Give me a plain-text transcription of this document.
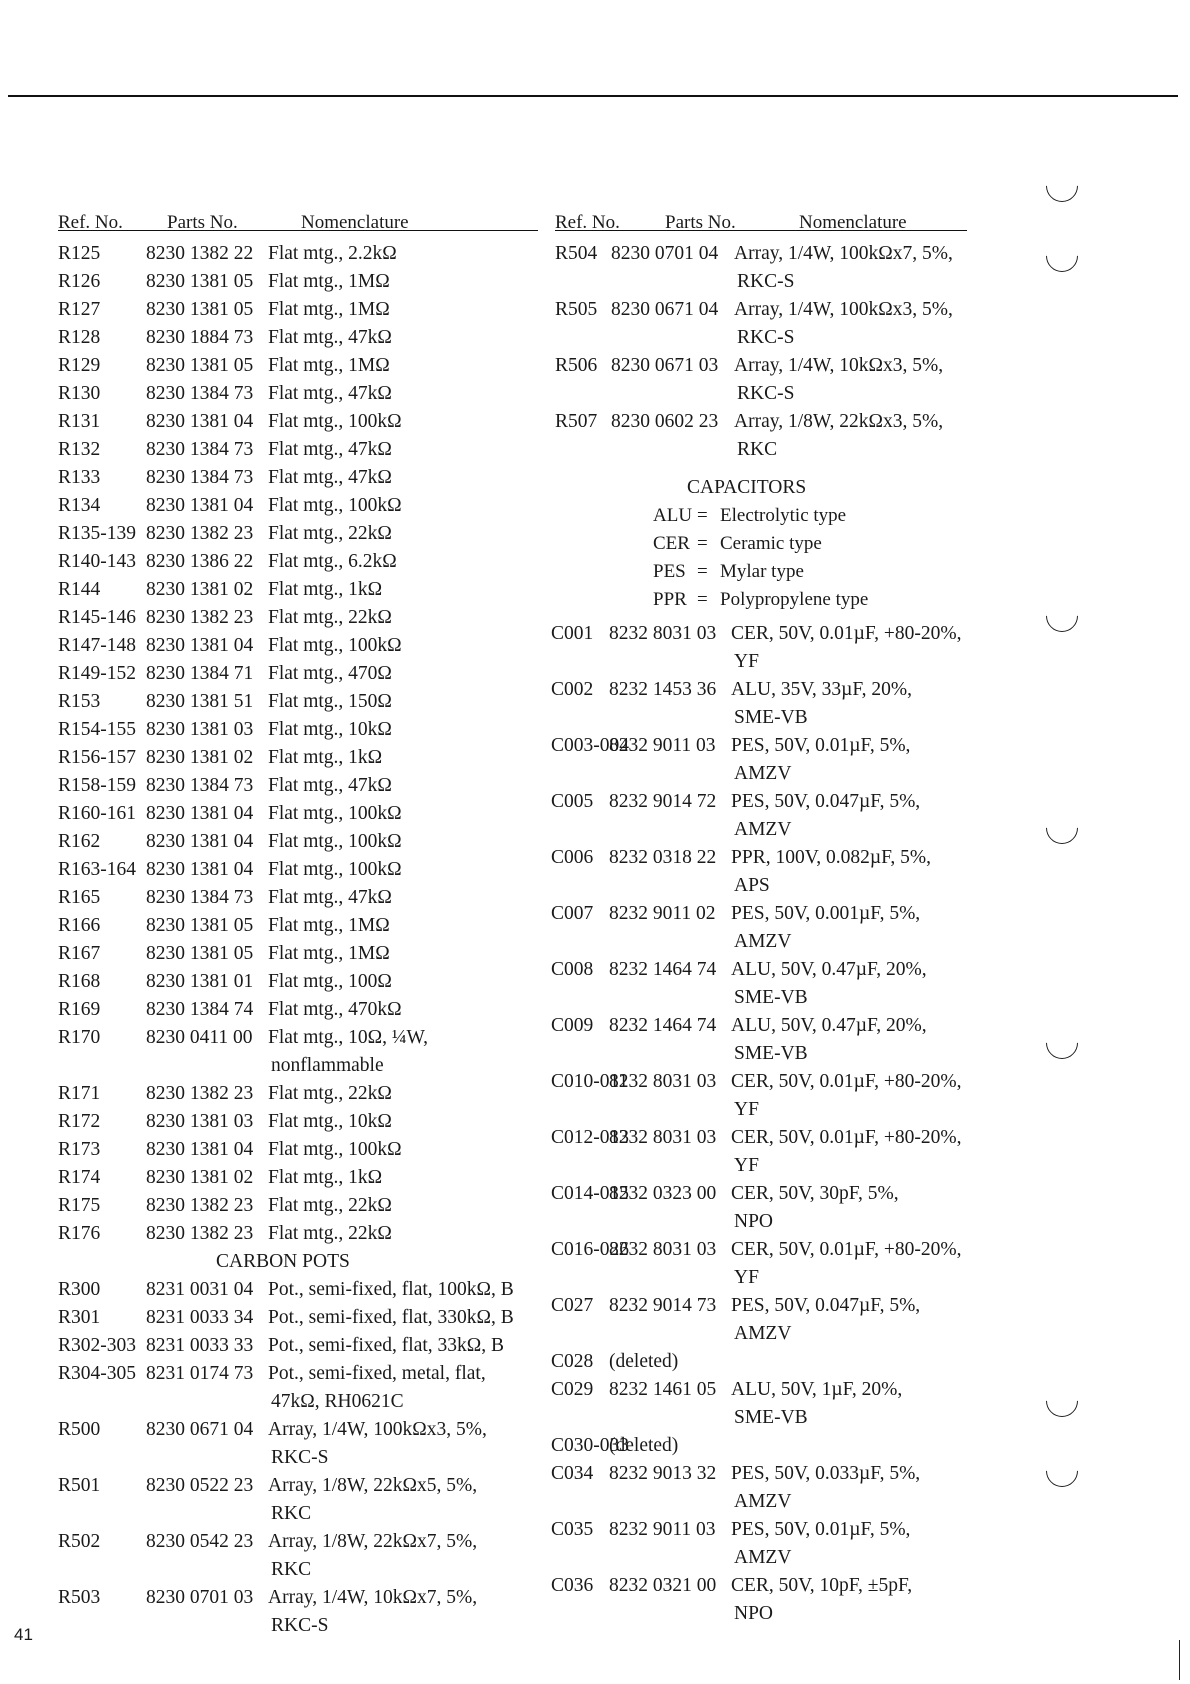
Ref. No. Parts No.	Nomenclature
R125 8230 1382 22 Flat mtg., 2.2kΩ
R126 8230 1381 05 Flat mtg., 1MΩ
R127 8230 1381 05 Flat mtg., 1MΩ
R128 8230 1884 73 Flat mtg., 47kΩ
R129 8230 1381 05 Flat mtg., 1MΩ
R130 8230 1384 73 Flat mtg., 47kΩ
R131 8230 1381 04 Flat mtg., 100kΩ
R132 8230 1384 73 Flat mtg., 47kΩ
R133 8230 1384 73 Flat mtg., 47kΩ
R134 8230 1381 04 Flat mtg., 100kΩ
R135-139 8230 1382 23 Flat mtg., 22kΩ
R140-143 8230 1386 22 Flat mtg., 6.2kΩ
R144 8230 1381 02 Flat mtg., 1kΩ
R145-146 8230 1382 23 Flat mtg., 22kΩ
R147-148 8230 1381 04 Flat mtg., 100kΩ
R149-152 8230 1384 71 Flat mtg., 470Ω
R153 8230 1381 51 Flat mtg., 150Ω
R154-155 8230 1381 03 Flat mtg., 10kΩ
R156-157 8230 1381 02 Flat mtg., 1kΩ
R158-159 8230 1384 73 Flat mtg., 47kΩ
R160-161 8230 1381 04 Flat mtg., 100kΩ
R162 8230 1381 04 Flat mtg., 100kΩ
R163-164 8230 1381 04 Flat mtg., 100kΩ
R165 8230 1384 73 Flat mtg., 47kΩ
R166 8230 1381 05 Flat mtg., 1MΩ
R167 8230 1381 05 Flat mtg., 1MΩ
R168 8230 1381 01 Flat mtg., 100Ω
R169 8230 1384 74 Flat mtg., 470kΩ
R170 8230 0411 00 Flat mtg., 10Ω, ¼W,
nonflammable
R171 8230 1382 23 Flat mtg., 22kΩ
R172 8230 1381 03 Flat mtg., 10kΩ
R173 8230 1381 04 Flat mtg., 100kΩ
R174 8230 1381 02 Flat mtg., 1kΩ
R175 8230 1382 23 Flat mtg., 22kΩ
R176 8230 1382 23 Flat mtg., 22kΩ
CARBON POTS
R300 8231 0031 04 Pot., semi-fixed, flat, 100kΩ, B
R301 8231 0033 34 Pot., semi-fixed, flat, 330kΩ, B
R302-303 8231 0033 33 Pot., semi-fixed, flat, 33kΩ, B
R304-305 8231 0174 73 Pot., semi-fixed, metal, flat,
47kΩ, RH0621C
R500 8230 0671 04 Array, 1/4W, 100kΩx3, 5%,
RKC-S
R501 8230 0522 23 Array, 1/8W, 22kΩx5, 5%,
RKC
R502 8230 0542 23 Array, 1/8W, 22kΩx7, 5%,
RKC
R503 8230 0701 03 Array, 1/4W, 10kΩx7, 5%,
RKC-S
Ref. No. Parts No.	Nomenclature
R504 8230 0701 04 Array, 1/4W, 100kΩx7, 5%,
RKC-S
R505 8230 0671 04 Array, 1/4W, 100kΩx3, 5%,
RKC-S
R506 8230 0671 03 Array, 1/4W, 10kΩx3, 5%,
RKC-S
R507 8230 0602 23 Array, 1/8W, 22kΩx3, 5%,
RKC
CAPACITORS
ALU = Electrolytic type
CER = Ceramic type
PES = Mylar type
PPR = Polypropylene type
C001 8232 8031 03 CER, 50V, 0.01µF, +80-20%,
YF
C002 8232 1453 36 ALU, 35V, 33µF, 20%,
SME-VB
C003-004
8232 9011 03 PES, 50V, 0.01µF, 5%,
AMZV
C005 8232 9014 72 PES, 50V, 0.047µF, 5%,
AMZV
C006 8232 0318 22 PPR, 100V, 0.082µF, 5%,
APS
C007 8232 9011 02 PES, 50V, 0.001µF, 5%,
AMZV
C008 8232 1464 74 ALU, 50V, 0.47µF, 20%,
SME-VB
C009 8232 1464 74 ALU, 50V, 0.47µF, 20%,
SME-VB
C010-011
8232 8031 03 CER, 50V, 0.01µF, +80-20%,
YF
C012-013
8232 8031 03 CER, 50V, 0.01µF, +80-20%,
YF
C014-015
8232 0323 00 CER, 50V, 30pF, 5%,
NPO
C016-026
8232 8031 03 CER, 50V, 0.01µF, +80-20%,
YF
C027 8232 9014 73 PES, 50V, 0.047µF, 5%,
AMZV
C028 (deleted)
C029 8232 1461 05 ALU, 50V, 1µF, 20%,
SME-VB
C030-033
(deleted)
C034 8232 9013 32 PES, 50V, 0.033µF, 5%,
AMZV
C035 8232 9011 03 PES, 50V, 0.01µF, 5%,
AMZV
C036 8232 0321 00 CER, 50V, 10pF, ±5pF,
NPO
41
